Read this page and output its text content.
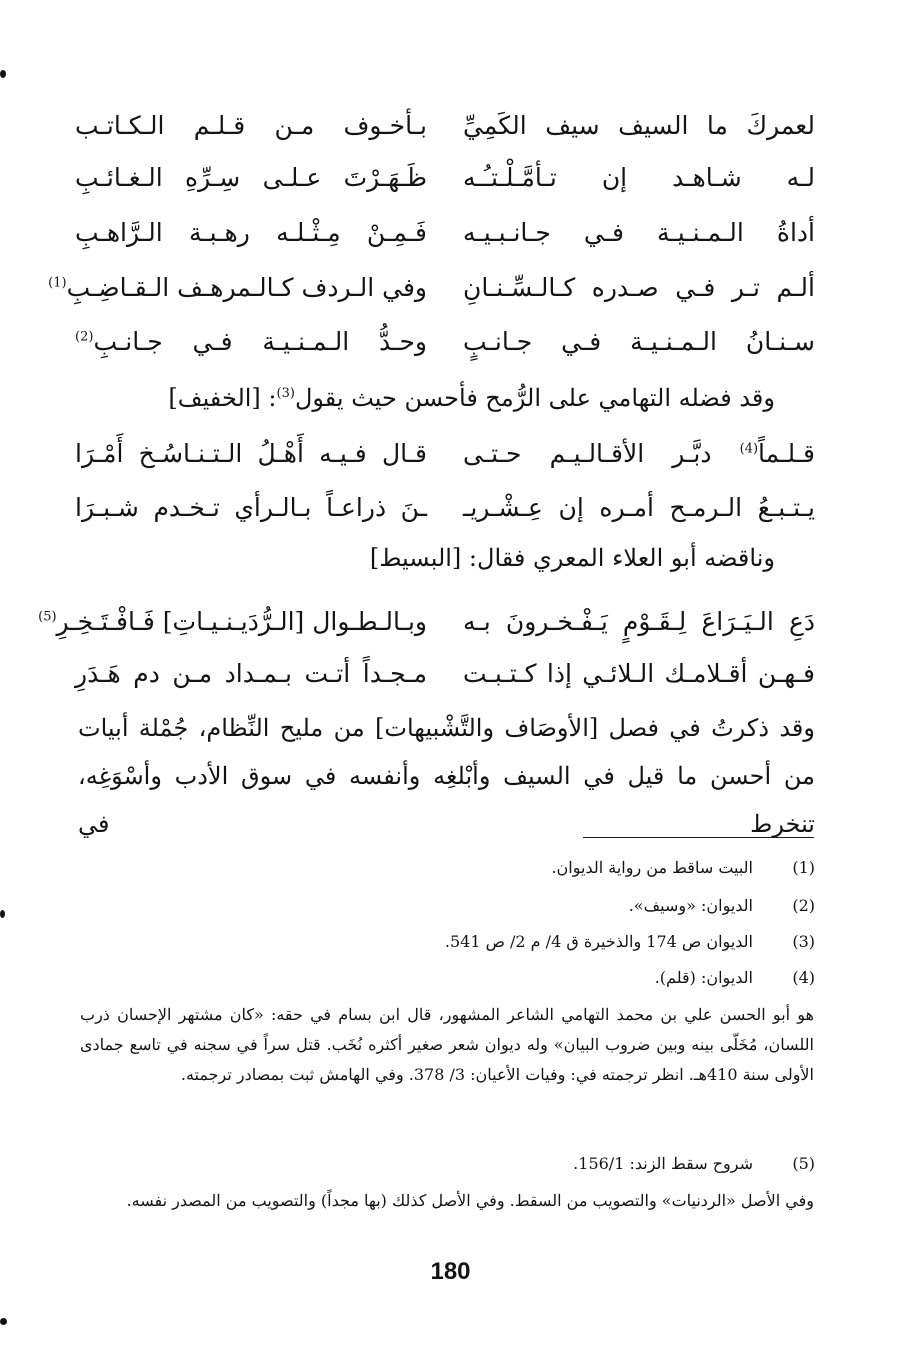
لعمركَ ما السيف سيف الكَمِيِّ
بـأخـوف مـن قـلـم الـكـاتـب
لـه شـاهـد إن تـأمَّـلْـتـُـه
ظَـهَـرْتَ عـلـى سِـرِّهِ الـغـائـبِ
أداةُ الـمـنـيـة فـي جـانـبـيـه
فَـمِـنْ مِـثْـلـه رهـبـة الـرَّاهـبِ
ألـم تـر فـي صـدره كـالـسِّـنـانِ
وفي الـردف كـالـمرهـف الـقـاضِـبِ$^{(1)}$
سـنـانُ الـمـنـيـة فـي جـانـبٍ
وحـدُّ الـمـنـيـة فـي جـانـبِ$^{(2)}$
وقد فضله التهامي على الرُّمح فأحسن حيث يقول$^{(3)}$: [الخفيف]
قـلـماً$^{(4)}$ دبَّـر الأقـالـيـم حـتـى
قـال فـيـه أَهْـلُ الـتـنـاسُـخ أَمْـرَا
يـتـبـعُ الـرمـح أمـره إن عِـشْـريـ
ـنَ ذراعـاً بـالـرأي تـخـدم شـبـرَا
وناقضه أبو العلاء المعري فقال: [البسيط]
دَعِ الـيَـرَاعَ لِـقَـوْمٍ يَـفْـخـرونَ بـه
وبـالـطـوال [الـرُّدَيـنـيـاتِ] فَـافْـتَـخِـرِ$^{(5)}$
فـهـن أقـلامـك الـلائـي إذا كـتـبـت
مـجـداً أتـت بـمـداد مـن دم هَـدَرِ
وقد ذكرتُ في فصل [الأوصَاف والتَّشْبيهات] من مليح النِّظام، جُمْلة أبيات
من أحسن ما قيل في السيف وأبْلغِه وأنفسه في سوق الأدب وأسْوَغِه، تنخرط في
(1)
البيت ساقط من رواية الديوان.
(2)
الديوان: «وسيف».
(3)
الديوان ص 174 والذخيرة ق 4/ م 2/ ص 541.
(4)
الديوان: (قلم).
هو أبو الحسن علي بن محمد التهامي الشاعر المشهور، قال ابن بسام في حقه: «كان مشتهر الإحسان ذرب اللسان، مُخَلّى بينه وبين ضروب البيان» وله ديوان شعر صغير أكثره نُخَب. قتل سراً في سجنه في تاسع جمادى الأولى سنة 410هـ. انظر ترجمته في: وفيات الأعيان: 3/ 378. وفي الهامش ثبت بمصادر ترجمته.
(5)
شروح سقط الزند: 156/1.
وفي الأصل «الردنيات» والتصويب من السقط. وفي الأصل كذلك (بها مجداً) والتصويب من المصدر نفسه.
180
